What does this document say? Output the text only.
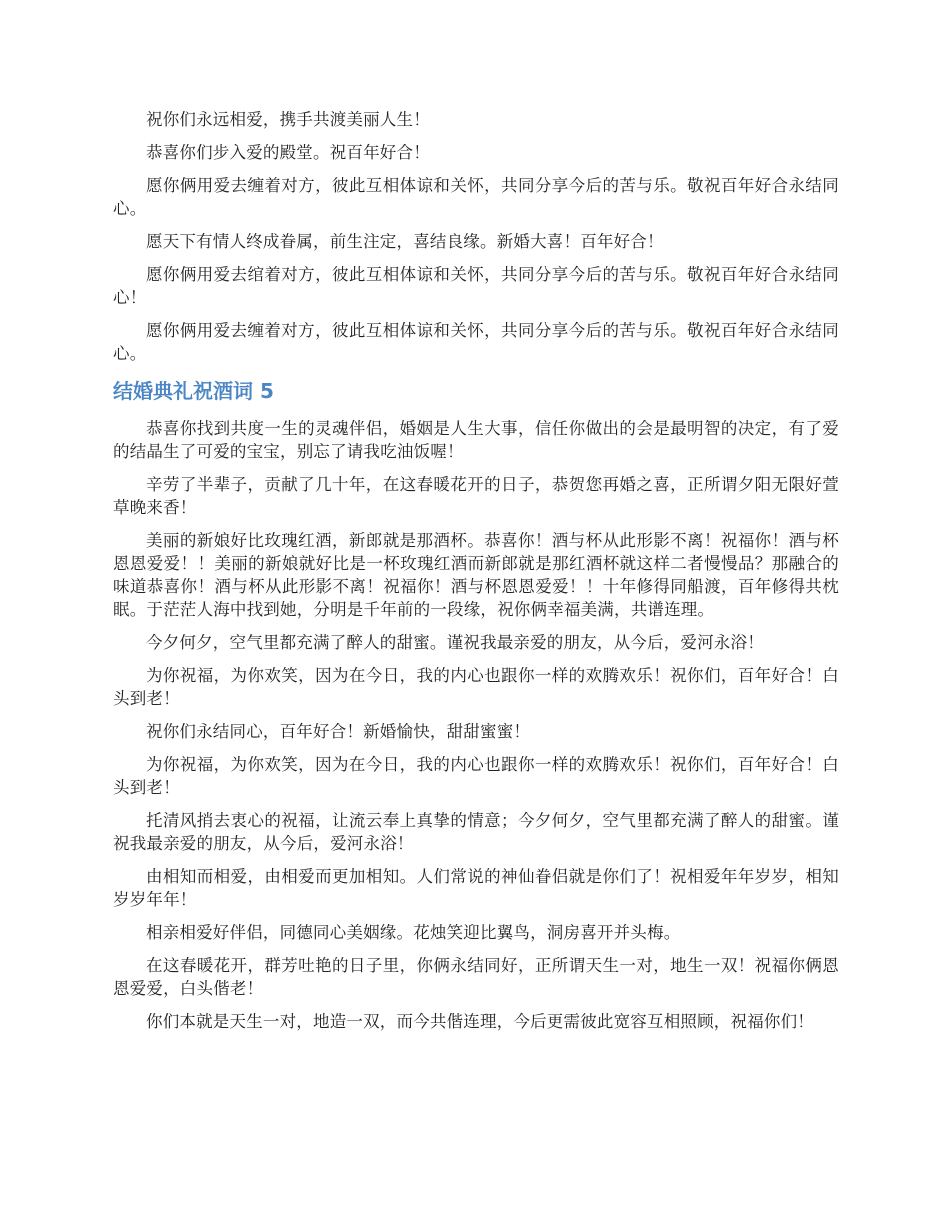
祝你们永远相爱，携手共渡美丽人生！

恭喜你们步入爱的殿堂。祝百年好合！

愿你俩用爱去缠着对方，彼此互相体谅和关怀，共同分享今后的苦与乐。敬祝百年好合永结同心。

愿天下有情人终成眷属，前生注定，喜结良缘。新婚大喜！百年好合！

愿你俩用爱去绾着对方，彼此互相体谅和关怀，共同分享今后的苦与乐。敬祝百年好合永结同心！

愿你俩用爱去缠着对方，彼此互相体谅和关怀，共同分享今后的苦与乐。敬祝百年好合永结同心。

结婚典礼祝酒词 5

恭喜你找到共度一生的灵魂伴侣，婚姻是人生大事，信任你做出的会是最明智的决定，有了爱的结晶生了可爱的宝宝，别忘了请我吃油饭喔！

辛劳了半辈子，贡献了几十年，在这春暖花开的日子，恭贺您再婚之喜，正所谓夕阳无限好萱草晚来香！

美丽的新娘好比玫瑰红酒，新郎就是那酒杯。恭喜你！酒与杯从此形影不离！祝福你！酒与杯恩恩爱爱！！美丽的新娘就好比是一杯玫瑰红酒而新郎就是那红酒杯就这样二者慢慢品？那融合的味道恭喜你！酒与杯从此形影不离！祝福你！酒与杯恩恩爱爱！！十年修得同船渡，百年修得共枕眠。于茫茫人海中找到她，分明是千年前的一段缘，祝你俩幸福美满，共谱连理。

今夕何夕，空气里都充满了醉人的甜蜜。谨祝我最亲爱的朋友，从今后，爱河永浴！

为你祝福，为你欢笑，因为在今日，我的内心也跟你一样的欢腾欢乐！祝你们，百年好合！白头到老！

祝你们永结同心，百年好合！新婚愉快，甜甜蜜蜜！

为你祝福，为你欢笑，因为在今日，我的内心也跟你一样的欢腾欢乐！祝你们，百年好合！白头到老！

托清风捎去衷心的祝福，让流云奉上真挚的情意；今夕何夕，空气里都充满了醉人的甜蜜。谨祝我最亲爱的朋友，从今后，爱河永浴！

由相知而相爱，由相爱而更加相知。人们常说的神仙眷侣就是你们了！祝相爱年年岁岁，相知岁岁年年！

相亲相爱好伴侣，同德同心美姻缘。花烛笑迎比翼鸟，洞房喜开并头梅。

在这春暖花开，群芳吐艳的日子里，你俩永结同好，正所谓天生一对，地生一双！祝福你俩恩恩爱爱，白头偕老！

你们本就是天生一对，地造一双，而今共偕连理，今后更需彼此宽容互相照顾，祝福你们！
